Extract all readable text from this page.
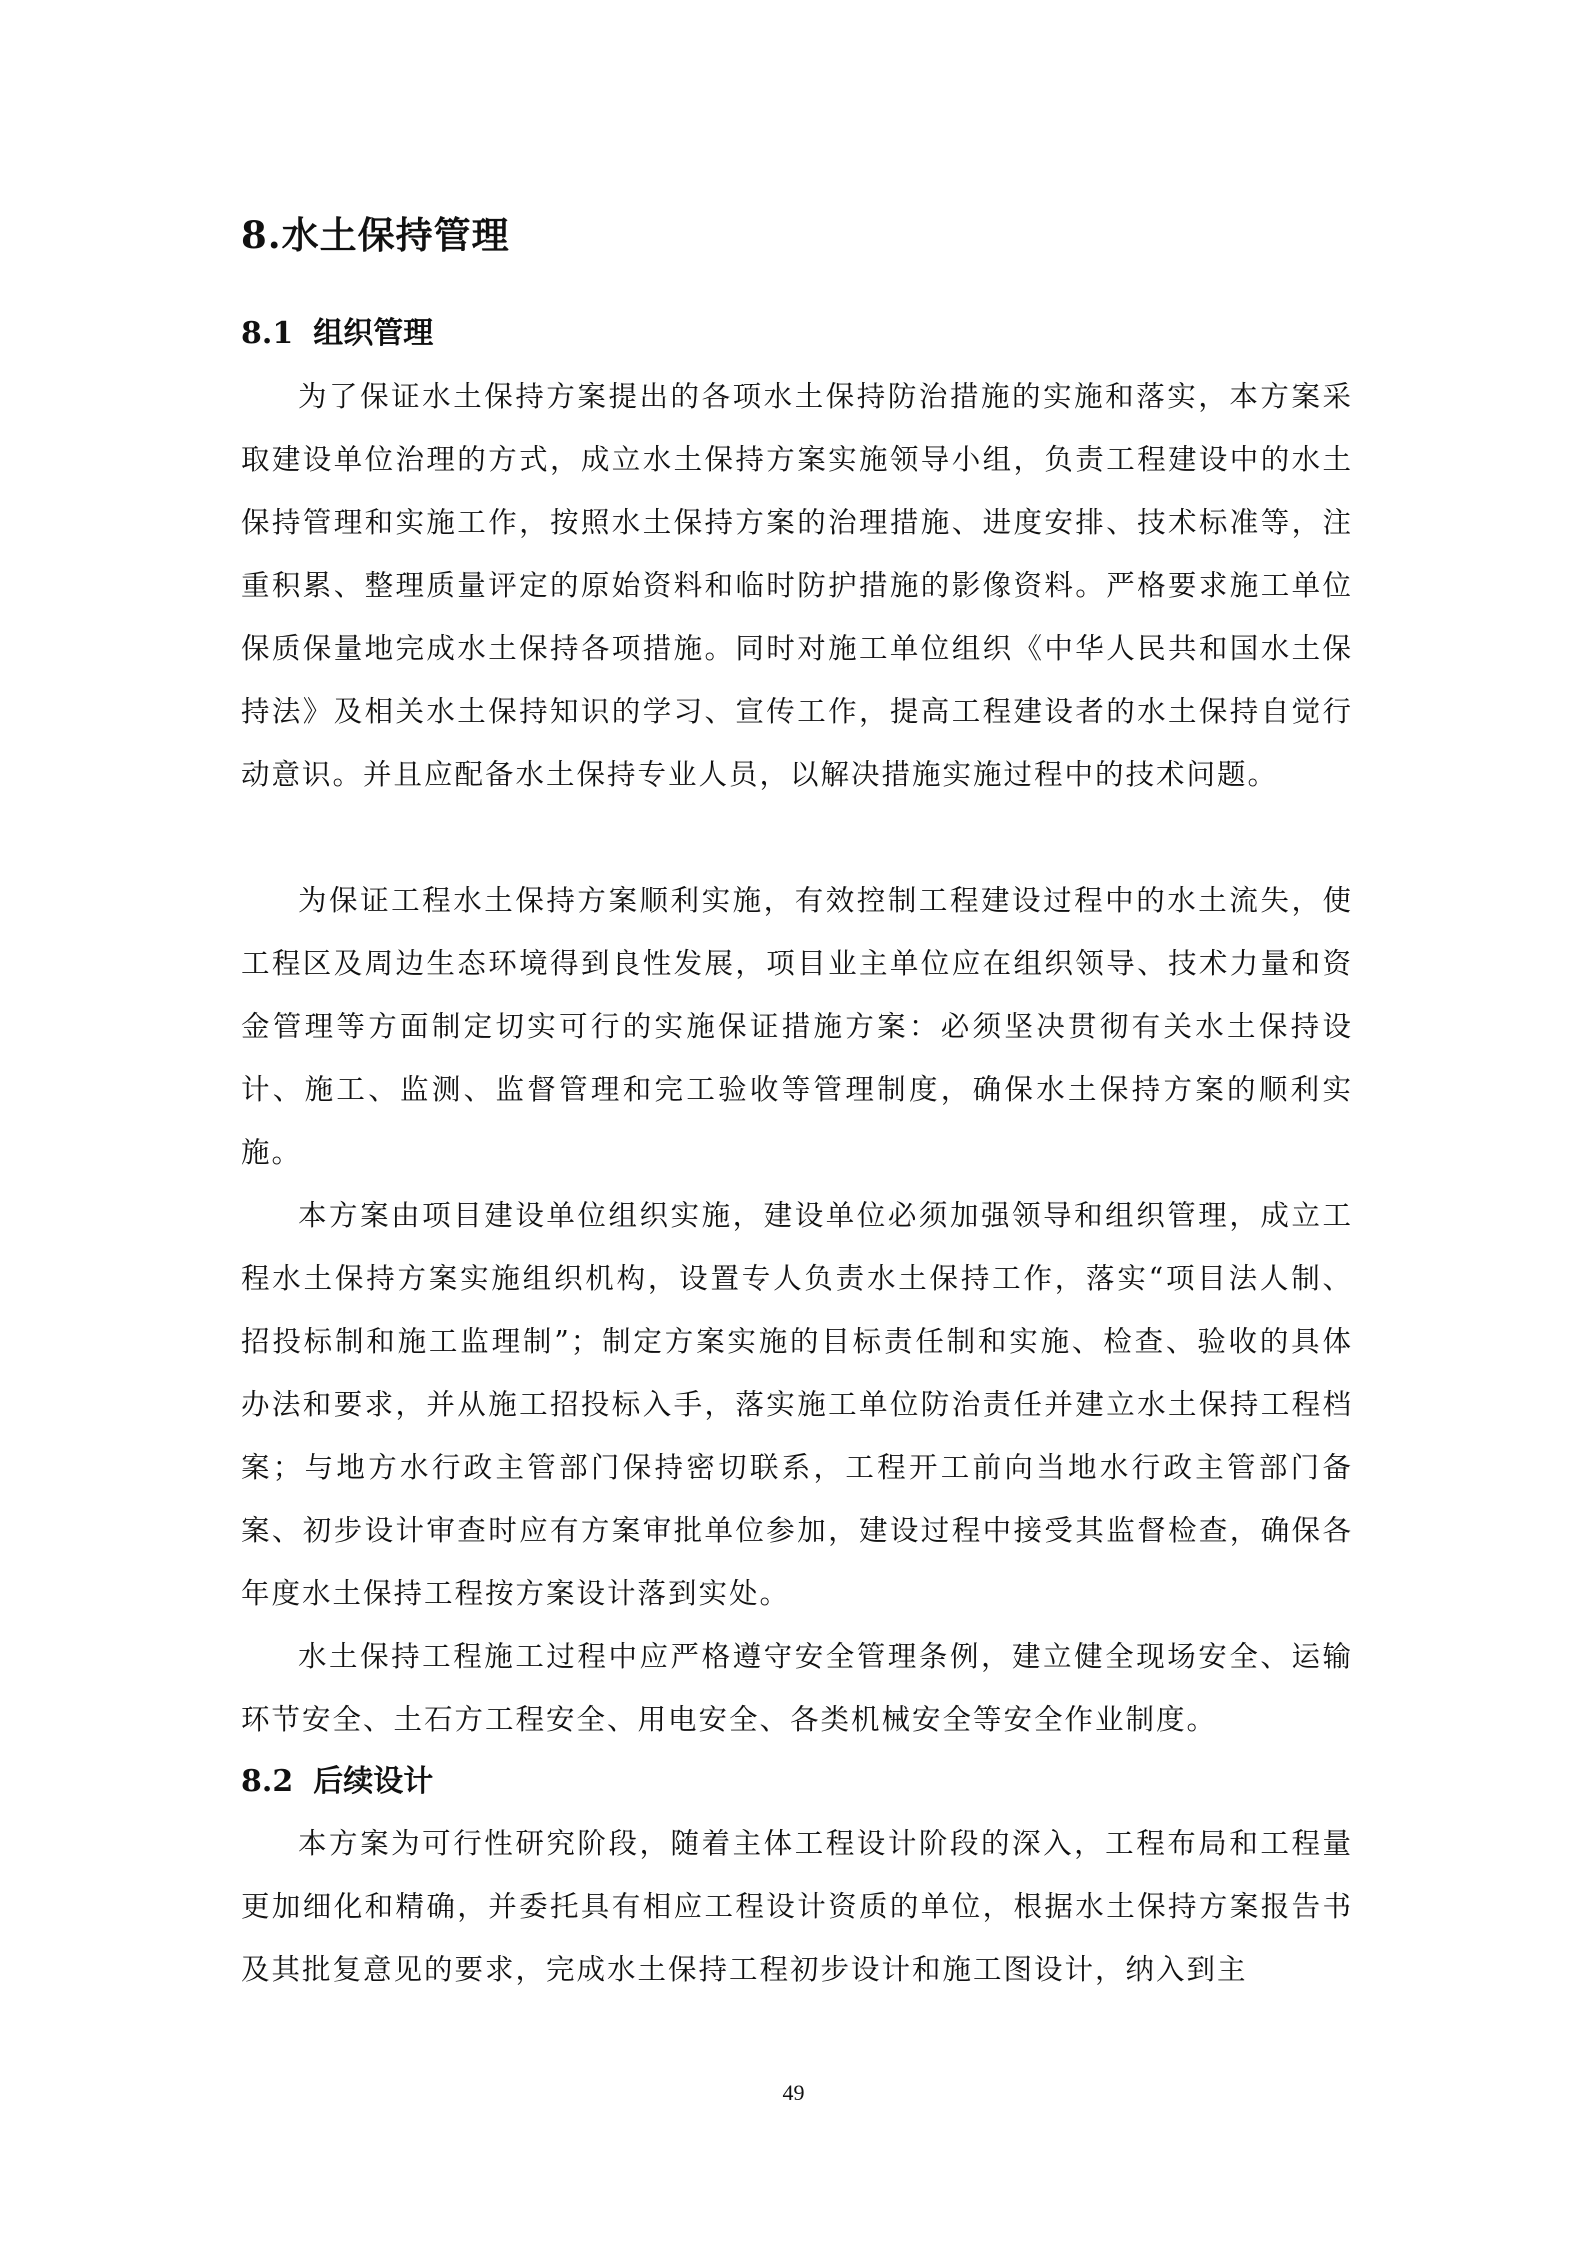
8.水土保持管理
8.1 组织管理

为了保证水土保持方案提出的各项水土保持防治措施的实施和落实，本方案采取建设单位治理的方式，成立水土保持方案实施领导小组，负责工程建设中的水土保持管理和实施工作，按照水土保持方案的治理措施、进度安排、技术标准等，注重积累、整理质量评定的原始资料和临时防护措施的影像资料。严格要求施工单位保质保量地完成水土保持各项措施。同时对施工单位组织《中华人民共和国水土保持法》及相关水土保持知识的学习、宣传工作，提高工程建设者的水土保持自觉行动意识。并且应配备水土保持专业人员，以解决措施实施过程中的技术问题。

为保证工程水土保持方案顺利实施，有效控制工程建设过程中的水土流失，使工程区及周边生态环境得到良性发展，项目业主单位应在组织领导、技术力量和资金管理等方面制定切实可行的实施保证措施方案：必须坚决贯彻有关水土保持设计、施工、监测、监督管理和完工验收等管理制度，确保水土保持方案的顺利实施。

本方案由项目建设单位组织实施，建设单位必须加强领导和组织管理，成立工程水土保持方案实施组织机构，设置专人负责水土保持工作，落实“项目法人制、招投标制和施工监理制”；制定方案实施的目标责任制和实施、检查、验收的具体办法和要求，并从施工招投标入手，落实施工单位防治责任并建立水土保持工程档案；与地方水行政主管部门保持密切联系，工程开工前向当地水行政主管部门备案、初步设计审查时应有方案审批单位参加，建设过程中接受其监督检查，确保各年度水土保持工程按方案设计落到实处。

水土保持工程施工过程中应严格遵守安全管理条例，建立健全现场安全、运输环节安全、土石方工程安全、用电安全、各类机械安全等安全作业制度。

8.2 后续设计

本方案为可行性研究阶段，随着主体工程设计阶段的深入，工程布局和工程量更加细化和精确，并委托具有相应工程设计资质的单位，根据水土保持方案报告书及其批复意见的要求，完成水土保持工程初步设计和施工图设计，纳入到主

49
